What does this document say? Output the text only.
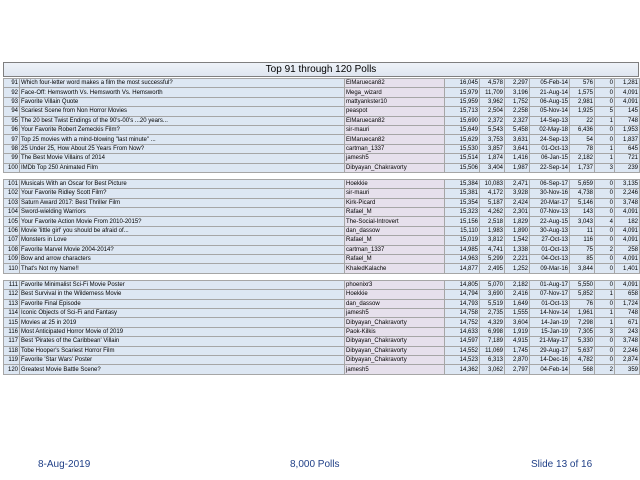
Top 91 through 120 Polls
91	Which four-letter word makes a film the most successful?	ElMaruecan82	16,045	4,578	2,297	05-Feb-14	576	0	1,281
92	Face-Off: Hemsworth Vs. Hemsworth Vs. Hemsworth	Mega_wizard	15,979	11,709	3,196	21-Aug-14	1,575	0	4,091
93	Favorite Villain Quote	mattyankster10	15,959	3,962	1,752	06-Aug-15	2,981	0	4,091
94	Scariest Scene from Non Horror Movies	peaspot	15,713	2,504	2,258	05-Nov-14	1,925	5	145
95	The 20 best Twist Endings of the 90's-00's ...20 years...	ElMaruecan82	15,690	2,372	2,327	14-Sep-13	22	1	748
96	Your Favorite Robert Zemeckis Film?	sir-mauri	15,649	5,543	5,458	02-May-18	6,436	0	1,953
97	Top 25 movies with a mind-blowing "last minute" ...	ElMaruecan82	15,629	3,753	3,631	24-Sep-13	54	0	1,837
98	25 Under 25, How About 25 Years From Now?	cartman_1337	15,530	3,857	3,641	01-Oct-13	78	1	645
99	The Best Movie Villains of 2014	jamesh5	15,514	1,874	1,416	06-Jan-15	2,182	1	721
100	IMDb Top 250 Animated Film	Dibyayan_Chakravorty	15,506	3,404	1,987	22-Sep-14	1,737	3	239

101	Musicals With an Oscar for Best Picture	Hoekkie	15,384	10,083	2,471	06-Sep-17	5,659	0	3,135
102	Your Favorite Ridley Scott Film?	sir-mauri	15,381	4,172	3,928	30-Nov-16	4,738	0	2,246
103	Saturn Award 2017: Best Thriller Film	Kirk-Picard	15,354	5,187	2,424	20-Mar-17	5,146	0	3,748
104	Sword-wielding Warriors	Rafael_M	15,323	4,262	2,301	07-Nov-13	143	0	4,091
105	Your Favorite Action Movie From 2010-2015?	The-Social-Introvert	15,156	2,518	1,829	22-Aug-15	3,043	4	182
106	Movie 'little girl' you should be afraid of...	dan_dassow	15,110	1,983	1,890	30-Aug-13	11	0	4,091
107	Monsters in Love	Rafael_M	15,019	3,812	1,542	27-Oct-13	116	0	4,091
108	Favorite Marvel Movie 2004-2014?	cartman_1337	14,985	4,741	1,338	01-Oct-13	75	2	258
109	Bow and arrow characters	Rafael_M	14,963	5,299	2,221	04-Oct-13	85	0	4,091
110	That's Not my Name!!	KhaledKalache	14,877	2,495	1,252	09-Mar-16	3,844	0	1,401

111	Favorite Minimalist Sci-Fi Movie Poster	phoenixr3	14,805	5,070	2,182	01-Aug-17	5,550	0	4,091
112	Best Survival in the Wilderness Movie	Hoekkie	14,794	3,690	2,416	07-Nov-17	5,852	1	658
113	Favorite Final Episode	dan_dassow	14,793	5,519	1,649	01-Oct-13	76	0	1,724
114	Iconic Objects of Sci-Fi and Fantasy	jamesh5	14,758	2,735	1,555	14-Nov-14	1,961	1	748
115	Movies at 25 in 2019	Dibyayan_Chakravorty	14,752	4,329	3,604	14-Jan-19	7,298	1	671
116	Most Anticipated Horror Movie of 2019	Paok-Kilkis	14,633	6,998	1,919	15-Jan-19	7,305	3	243
117	Best 'Pirates of the Caribbean' Villain	Dibyayan_Chakravorty	14,597	7,189	4,915	21-May-17	5,330	0	3,748
118	Tobe Hooper's Scariest Horror Film	Dibyayan_Chakravorty	14,552	11,069	1,745	29-Aug-17	5,637	0	2,246
119	Favorite 'Star Wars' Poster	Dibyayan_Chakravorty	14,523	6,313	2,870	14-Dec-16	4,782	0	2,874
120	Greatest Movie Battle Scene?	jamesh5	14,362	3,062	2,797	04-Feb-14	568	2	359
8-Aug-2019	8,000 Polls	Slide 13 of 16
